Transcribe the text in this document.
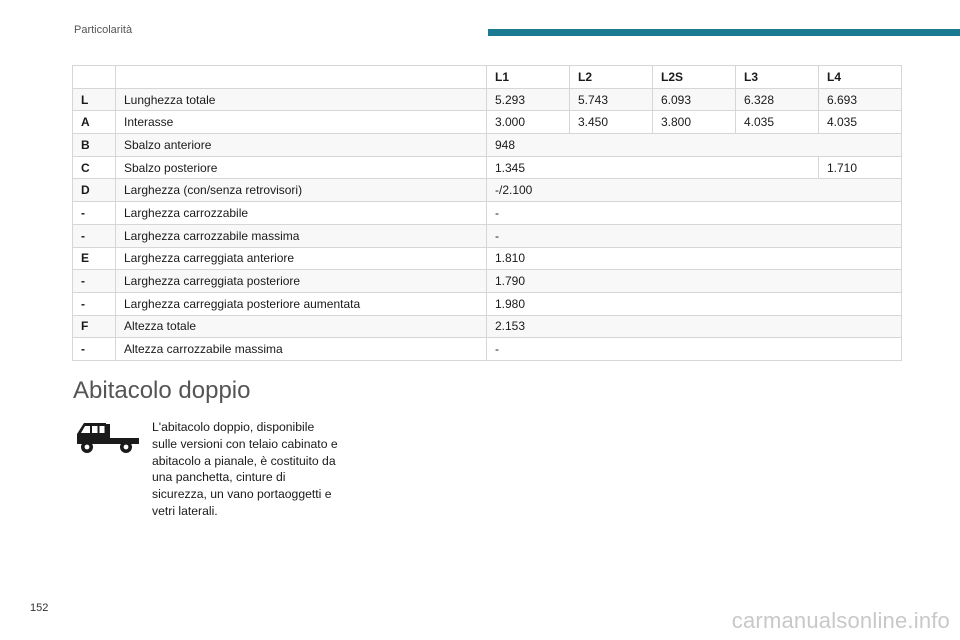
Particolarità
		L1	L2	L2S	L3	L4
L	Lunghezza totale	5.293	5.743	6.093	6.328	6.693
A	Interasse	3.000	3.450	3.800	4.035	4.035
B	Sbalzo anteriore	948				
C	Sbalzo posteriore	1.345				1.710
D	Larghezza (con/senza retrovisori)	-/2.100				
-	Larghezza carrozzabile	-				
-	Larghezza carrozzabile massima	-				
E	Larghezza carreggiata anteriore	1.810				
-	Larghezza carreggiata posteriore	1.790				
-	Larghezza carreggiata posteriore aumentata	1.980				
F	Altezza totale	2.153				
-	Altezza carrozzabile massima	-				
Abitacolo doppio

L'abitacolo doppio, disponibile sulle versioni con telaio cabinato e abitacolo a pianale, è costituito da una panchetta, cinture di sicurezza, un vano portaoggetti e vetri laterali.

152	carmanualsonline.info
